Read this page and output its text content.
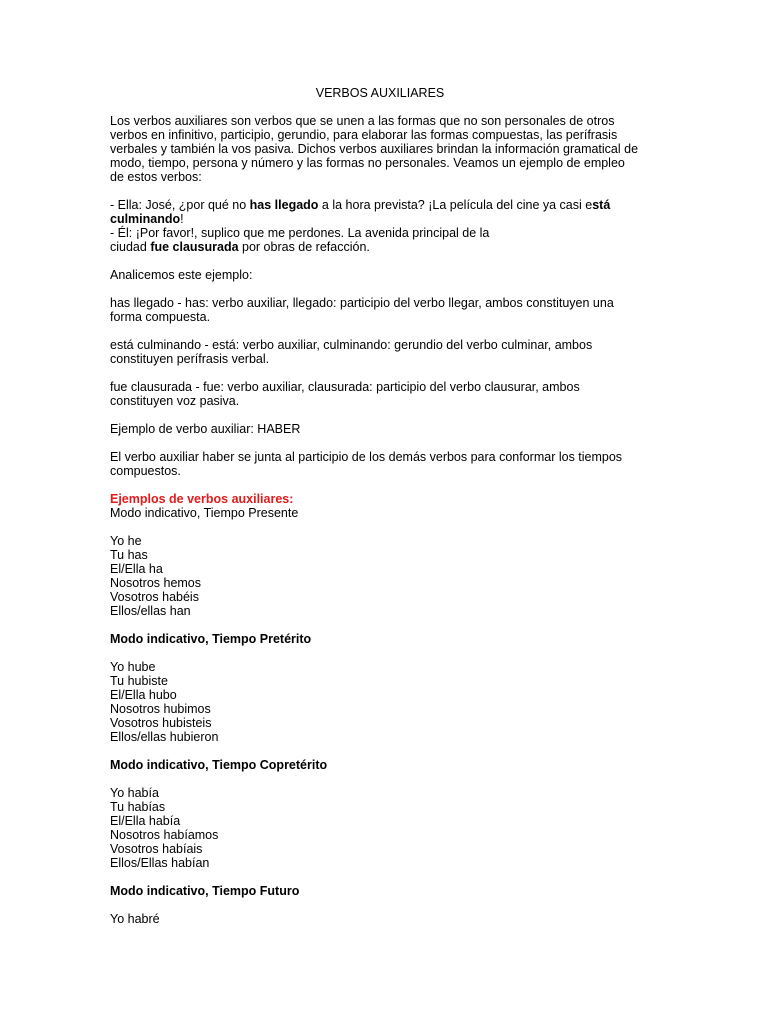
VERBOS AUXILIARES

Los verbos auxiliares son verbos que se unen a las formas que no son personales de otros
verbos en infinitivo, participio, gerundio, para elaborar las formas compuestas, las perífrasis
verbales y también la vos pasiva. Dichos verbos auxiliares brindan la información gramatical de
modo, tiempo, persona y número y las formas no personales. Veamos un ejemplo de empleo
de estos verbos:

- Ella: José, ¿por qué no has llegado a la hora prevista? ¡La película del cine ya casi está
culminando!
- Él: ¡Por favor!, suplico que me perdones. La avenida principal de la
ciudad fue clausurada por obras de refacción.

Analicemos este ejemplo:

has llegado - has: verbo auxiliar, llegado: participio del verbo llegar, ambos constituyen una
forma compuesta.

está culminando - está: verbo auxiliar, culminando: gerundio del verbo culminar, ambos
constituyen perífrasis verbal.

fue clausurada - fue: verbo auxiliar, clausurada: participio del verbo clausurar, ambos
constituyen voz pasiva.

Ejemplo de verbo auxiliar: HABER

El verbo auxiliar haber se junta al participio de los demás verbos para conformar los tiempos
compuestos.

Ejemplos de verbos auxiliares:
Modo indicativo, Tiempo Presente
Yo he
Tu has
El/Ella ha
Nosotros hemos
Vosotros habéis
Ellos/ellas han
Modo indicativo, Tiempo Pretérito
Yo hube
Tu hubiste
El/Ella hubo
Nosotros hubimos
Vosotros hubisteis
Ellos/ellas hubieron
Modo indicativo, Tiempo Copretérito
Yo había
Tu habías
El/Ella había
Nosotros habíamos
Vosotros habíais
Ellos/Ellas habían
Modo indicativo, Tiempo Futuro
Yo habré
